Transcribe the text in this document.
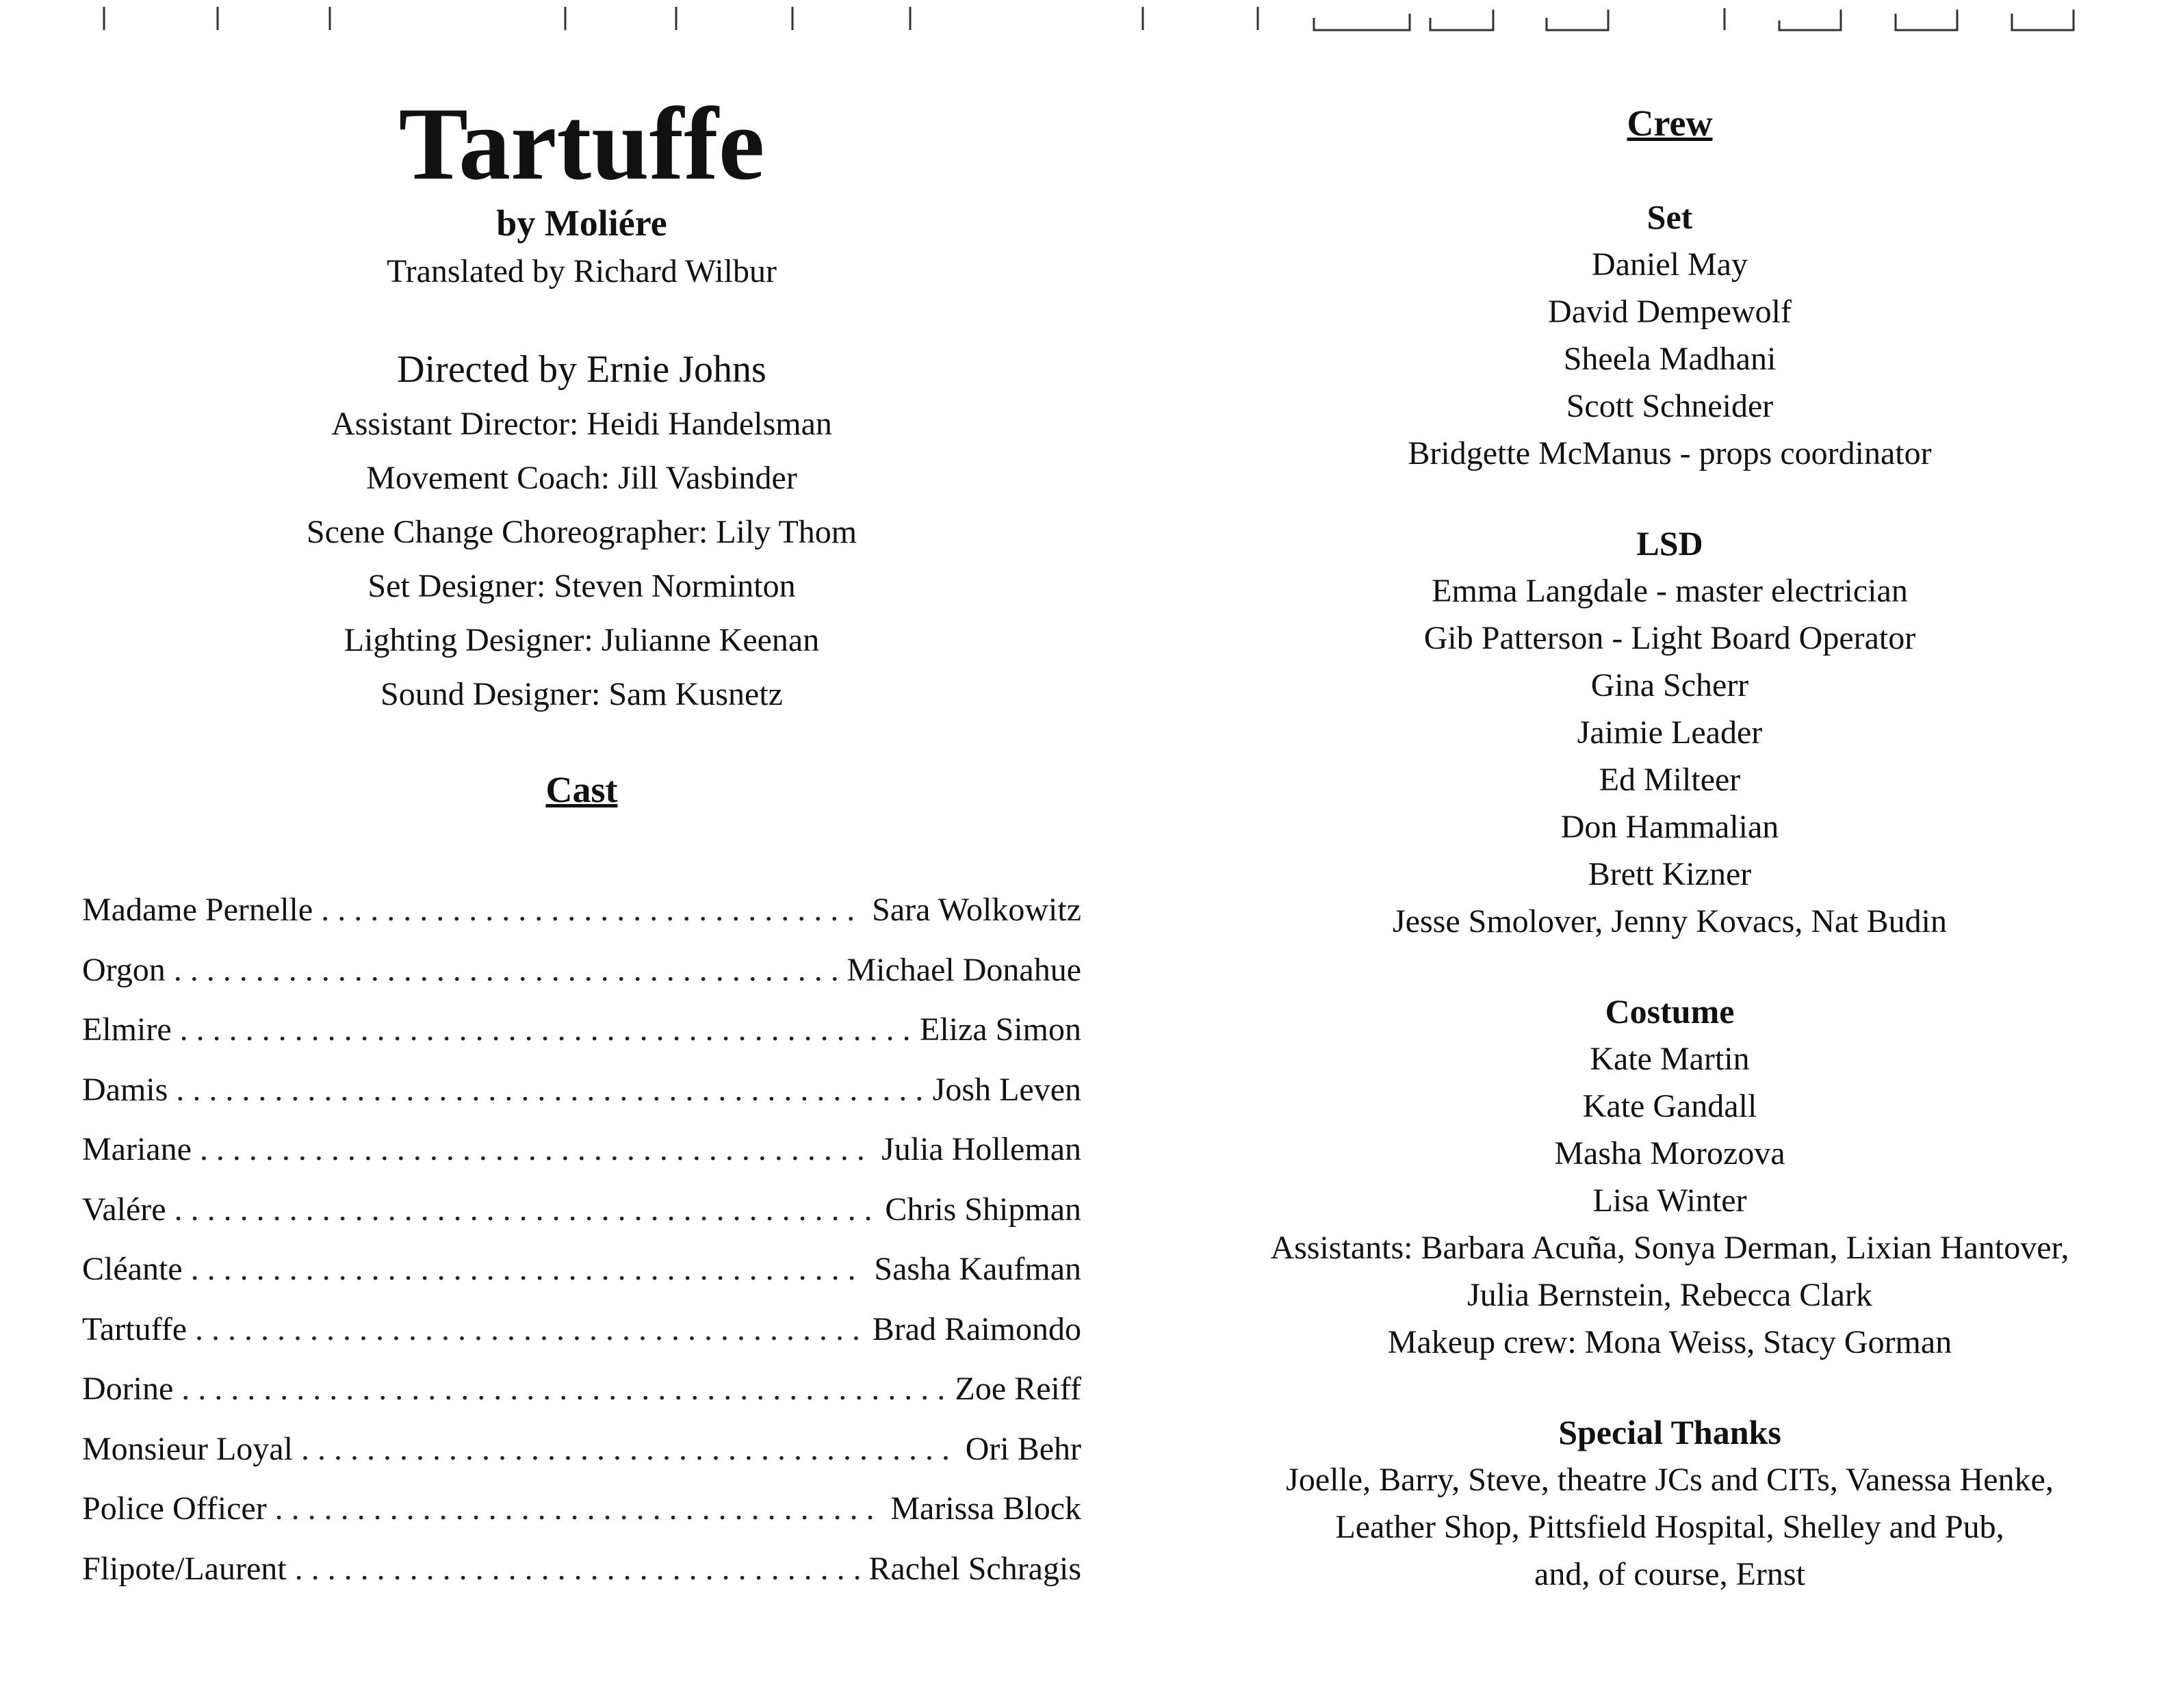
Tartuffe
by Moliére
Translated by Richard Wilbur
Directed by Ernie Johns
Assistant Director: Heidi Handelsman
Movement Coach: Jill Vasbinder
Scene Change Choreographer: Lily Thom
Set Designer: Steven Norminton
Lighting Designer: Julianne Keenan
Sound Designer: Sam Kusnetz
Cast
Madame Pernelle . . .	Sara Wolkowitz
Orgon . . .	Michael Donahue
Elmire . . .	Eliza Simon
Damis . . .	Josh Leven
Mariane . . .	Julia Holleman
Valére . . .	Chris Shipman
Cléante . . .	Sasha Kaufman
Tartuffe . . .	Brad Raimondo
Dorine . . .	Zoe Reiff
Monsieur Loyal . . .	Ori Behr
Police Officer . . .	Marissa Block
Flipote/Laurent . . .	Rachel Schragis
Crew
Set
Daniel May
David Dempewolf
Sheela Madhani
Scott Schneider
Bridgette McManus - props coordinator
LSD
Emma Langdale - master electrician
Gib Patterson - Light Board Operator
Gina Scherr
Jaimie Leader
Ed Milteer
Don Hammalian
Brett Kizner
Jesse Smolover, Jenny Kovacs, Nat Budin
Costume
Kate Martin
Kate Gandall
Masha Morozova
Lisa Winter
Assistants: Barbara Acuña, Sonya Derman, Lixian Hantover,
Julia Bernstein, Rebecca Clark
Makeup crew: Mona Weiss, Stacy Gorman
Special Thanks
Joelle, Barry, Steve, theatre JCs and CITs, Vanessa Henke,
Leather Shop, Pittsfield Hospital, Shelley and Pub,
and, of course, Ernst
